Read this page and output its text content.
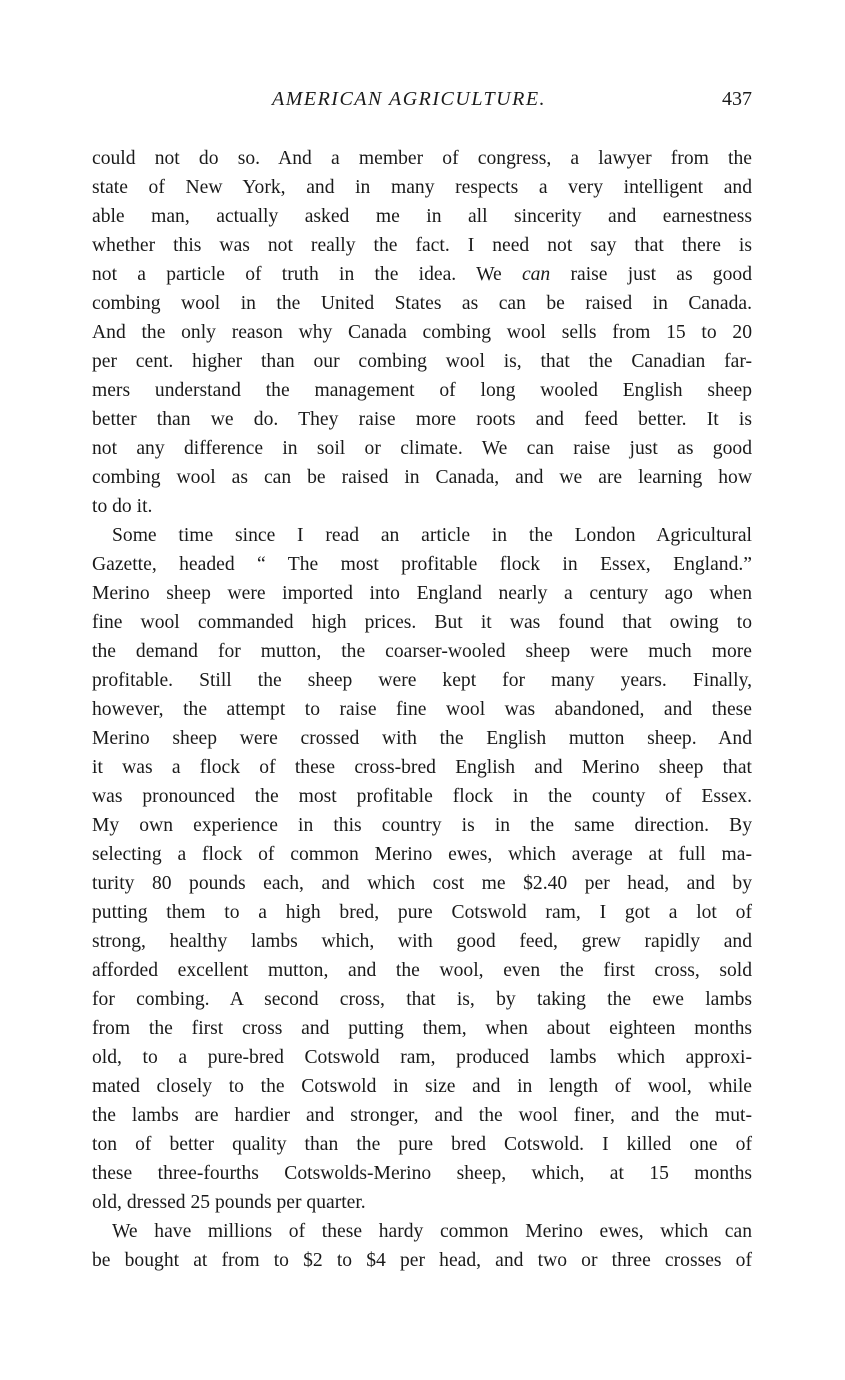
AMERICAN AGRICULTURE.	437
could not do so. And a member of congress, a lawyer from the
state of New York, and in many respects a very intelligent and
able man, actually asked me in all sincerity and earnestness
whether this was not really the fact. I need not say that there is
not a particle of truth in the idea. We can raise just as good
combing wool in the United States as can be raised in Canada.
And the only reason why Canada combing wool sells from 15 to 20
per cent. higher than our combing wool is, that the Canadian far-
mers understand the management of long wooled English sheep
better than we do. They raise more roots and feed better. It is
not any difference in soil or climate. We can raise just as good
combing wool as can be raised in Canada, and we are learning how
to do it.
Some time since I read an article in the London Agricultural
Gazette, headed “ The most profitable flock in Essex, England.”
Merino sheep were imported into England nearly a century ago when
fine wool commanded high prices. But it was found that owing to
the demand for mutton, the coarser-wooled sheep were much more
profitable. Still the sheep were kept for many years. Finally,
however, the attempt to raise fine wool was abandoned, and these
Merino sheep were crossed with the English mutton sheep. And
it was a flock of these cross-bred English and Merino sheep that
was pronounced the most profitable flock in the county of Essex.
My own experience in this country is in the same direction. By
selecting a flock of common Merino ewes, which average at full ma-
turity 80 pounds each, and which cost me $2.40 per head, and by
putting them to a high bred, pure Cotswold ram, I got a lot of
strong, healthy lambs which, with good feed, grew rapidly and
afforded excellent mutton, and the wool, even the first cross, sold
for combing. A second cross, that is, by taking the ewe lambs
from the first cross and putting them, when about eighteen months
old, to a pure-bred Cotswold ram, produced lambs which approxi-
mated closely to the Cotswold in size and in length of wool, while
the lambs are hardier and stronger, and the wool finer, and the mut-
ton of better quality than the pure bred Cotswold. I killed one of
these three-fourths Cotswolds-Merino sheep, which, at 15 months
old, dressed 25 pounds per quarter.
We have millions of these hardy common Merino ewes, which can
be bought at from to $2 to $4 per head, and two or three crosses of
